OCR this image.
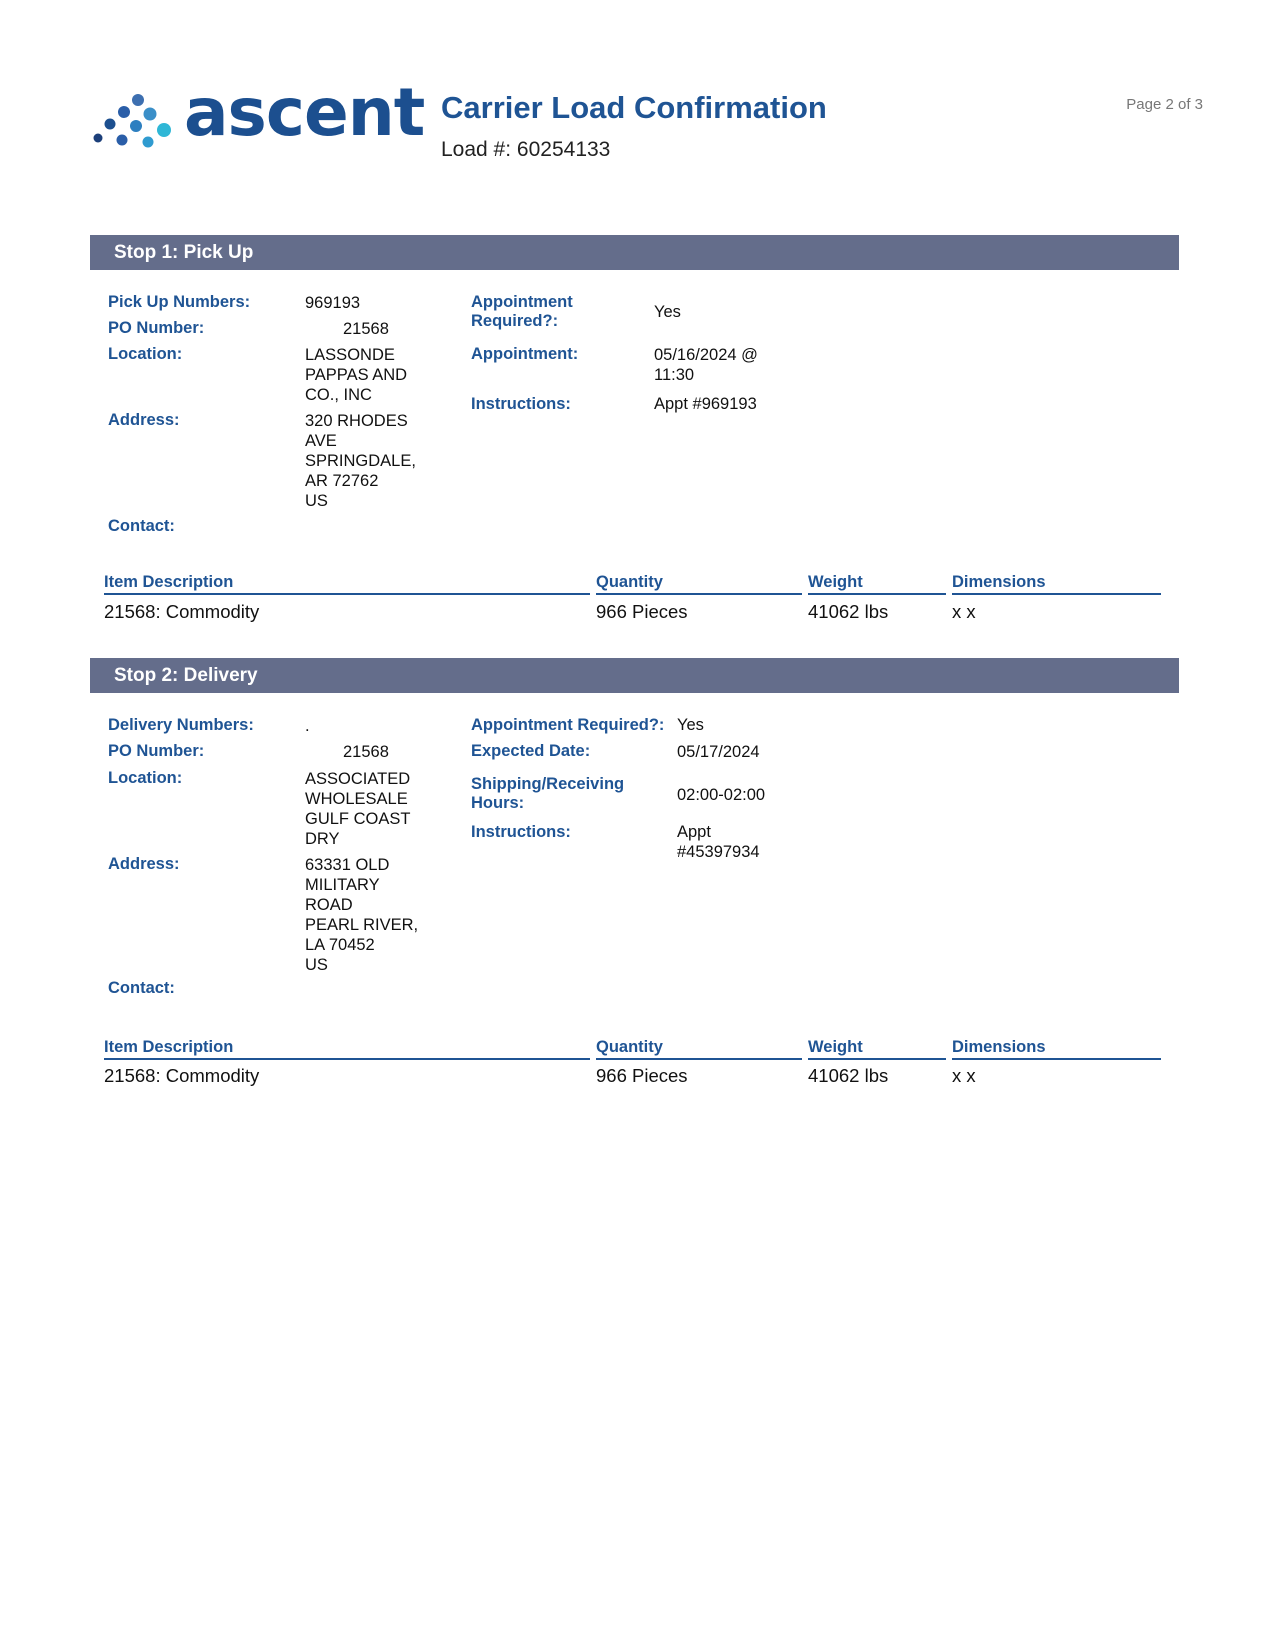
ascent Carrier Load Confirmation
Load #: 60254133
Page 2 of 3
Stop 1: Pick Up
Pick Up Numbers:	969193
PO Number:	21568
Location:	LASSONDE
PAPPAS AND
CO., INC
Address:	320 RHODES
AVE
SPRINGDALE,
AR 72762
US
Contact:
Appointment
Required?:	Yes
Appointment:	05/16/2024 @
11:30
Instructions:	Appt #969193
Item Description	Quantity	Weight	Dimensions
21568: Commodity	966 Pieces	41062 lbs	x x
Stop 2: Delivery
Delivery Numbers:	.
PO Number:	21568
Location:	ASSOCIATED
WHOLESALE
GULF COAST
DRY
Address:	63331 OLD
MILITARY
ROAD
PEARL RIVER,
LA 70452
US
Contact:
Appointment Required?: Yes
Expected Date:	05/17/2024
Shipping/Receiving
Hours:	02:00-02:00
Instructions:	Appt
#45397934
Item Description	Quantity	Weight	Dimensions
21568: Commodity	966 Pieces	41062 lbs	x x
